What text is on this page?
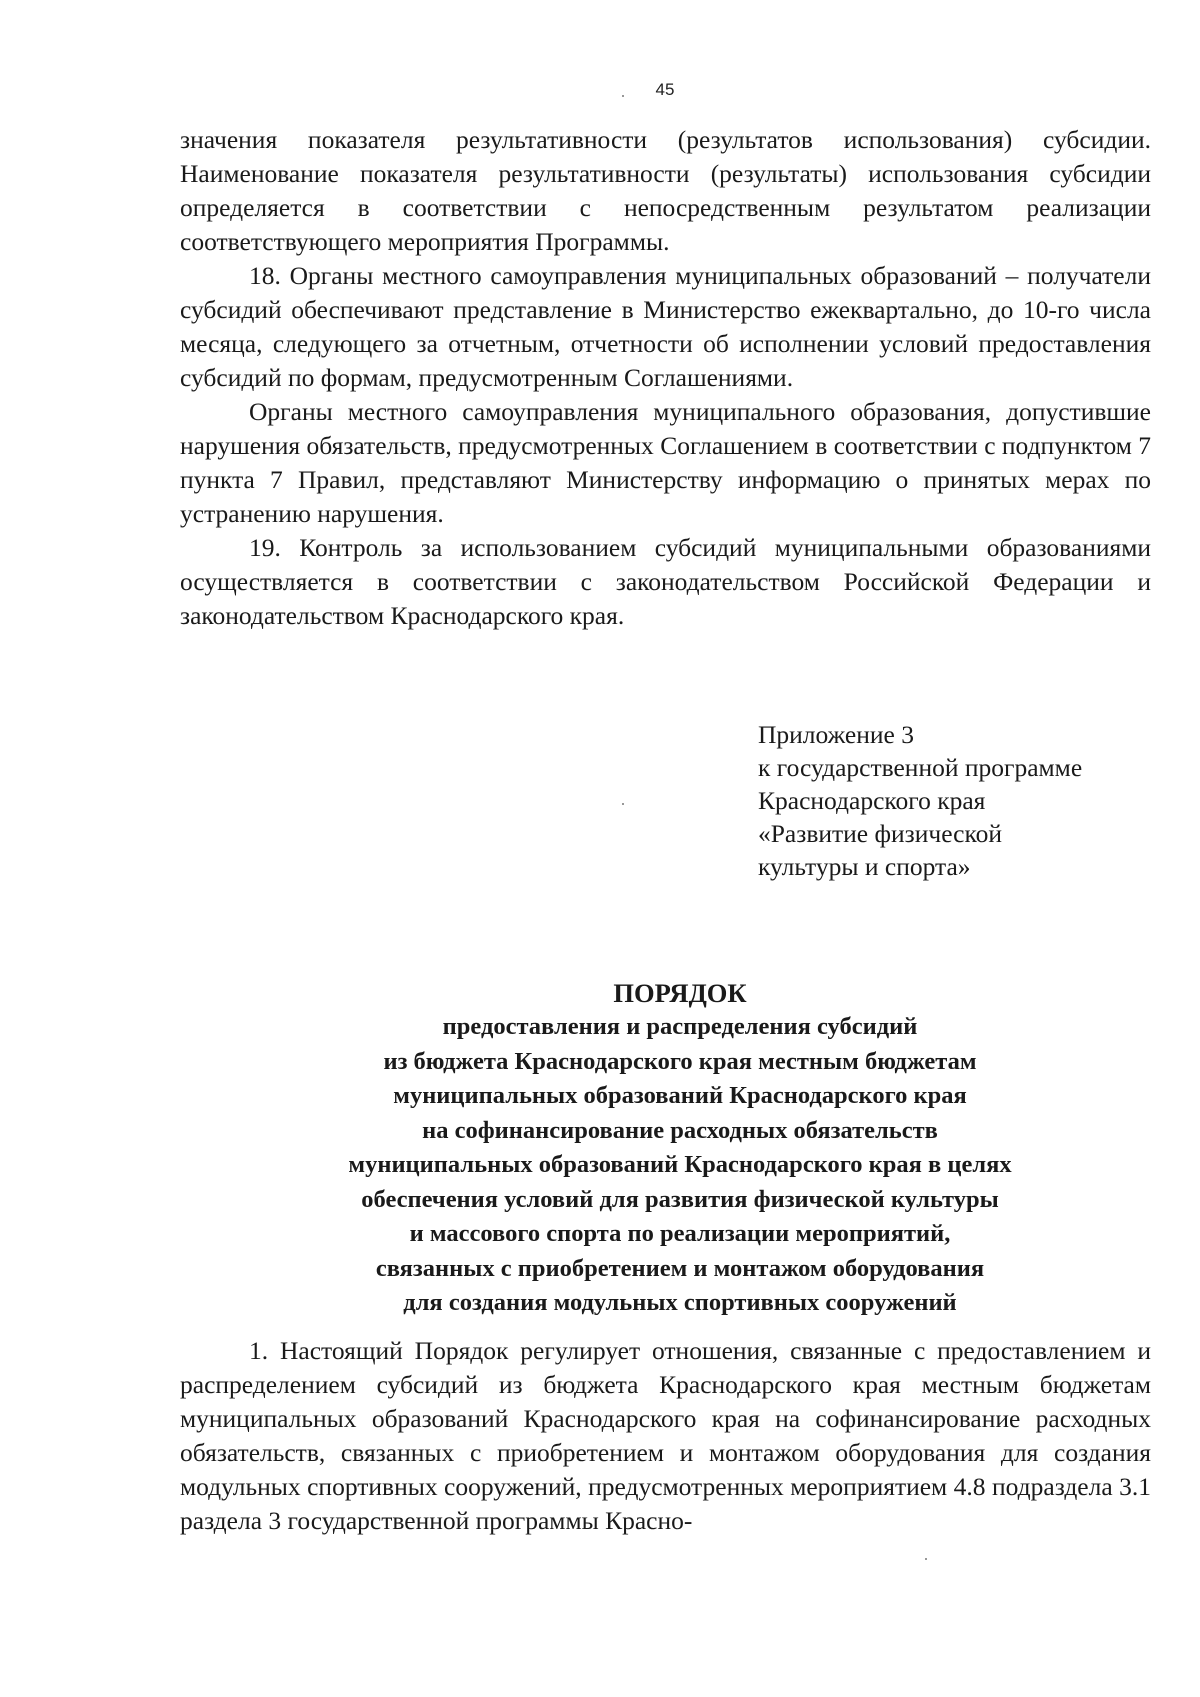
45

значения показателя результативности (результатов использования) субсидии. Наименование показателя результативности (результаты) использования субсидии определяется в соответствии с непосредственным результатом реализации соответствующего мероприятия Программы.

18. Органы местного самоуправления муниципальных образований – получатели субсидий обеспечивают представление в Министерство ежеквартально, до 10-го числа месяца, следующего за отчетным, отчетности об исполнении условий предоставления субсидий по формам, предусмотренным Соглашениями.

Органы местного самоуправления муниципального образования, допустившие нарушения обязательств, предусмотренных Соглашением в соответствии с подпунктом 7 пункта 7 Правил, представляют Министерству информацию о принятых мерах по устранению нарушения.

19. Контроль за использованием субсидий муниципальными образованиями осуществляется в соответствии с законодательством Российской Федерации и законодательством Краснодарского края.

Приложение 3
к государственной программе
Краснодарского края
«Развитие физической
культуры и спорта»
ПОРЯДОК
предоставления и распределения субсидий
из бюджета Краснодарского края местным бюджетам
муниципальных образований Краснодарского края
на софинансирование расходных обязательств
муниципальных образований Краснодарского края в целях
обеспечения условий для развития физической культуры
и массового спорта по реализации мероприятий,
связанных с приобретением и монтажом оборудования
для создания модульных спортивных сооружений

1. Настоящий Порядок регулирует отношения, связанные с предоставлением и распределением субсидий из бюджета Краснодарского края местным бюджетам муниципальных образований Краснодарского края на софинансирование расходных обязательств, связанных с приобретением и монтажом оборудования для создания модульных спортивных сооружений, предусмотренных мероприятием 4.8 подраздела 3.1 раздела 3 государственной программы Красно-
